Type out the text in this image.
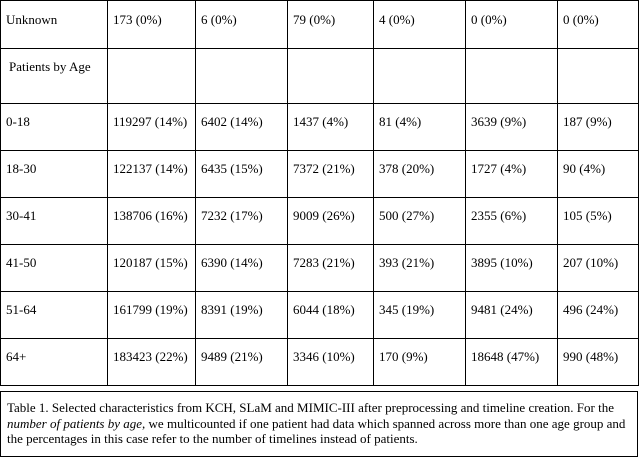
Unknown	173 (0%)	6 (0%)	79 (0%)	4 (0%)	0 (0%)	0 (0%)
Patients by Age						
0-18	119297 (14%)	6402 (14%)	1437 (4%)	81 (4%)	3639 (9%)	187 (9%)
18-30	122137 (14%)	6435 (15%)	7372 (21%)	378 (20%)	1727 (4%)	90 (4%)
30-41	138706 (16%)	7232 (17%)	9009 (26%)	500 (27%)	2355 (6%)	105 (5%)
41-50	120187 (15%)	6390 (14%)	7283 (21%)	393 (21%)	3895 (10%)	207 (10%)
51-64	161799 (19%)	8391 (19%)	6044 (18%)	345 (19%)	9481 (24%)	496 (24%)
64+	183423 (22%)	9489 (21%)	3346 (10%)	170 (9%)	18648 (47%)	990 (48%)
Table 1. Selected characteristics from KCH, SLaM and MIMIC-III after preprocessing and timeline creation. For the number of patients by age, we multicounted if one patient had data which spanned across more than one age group and the percentages in this case refer to the number of timelines instead of patients.
